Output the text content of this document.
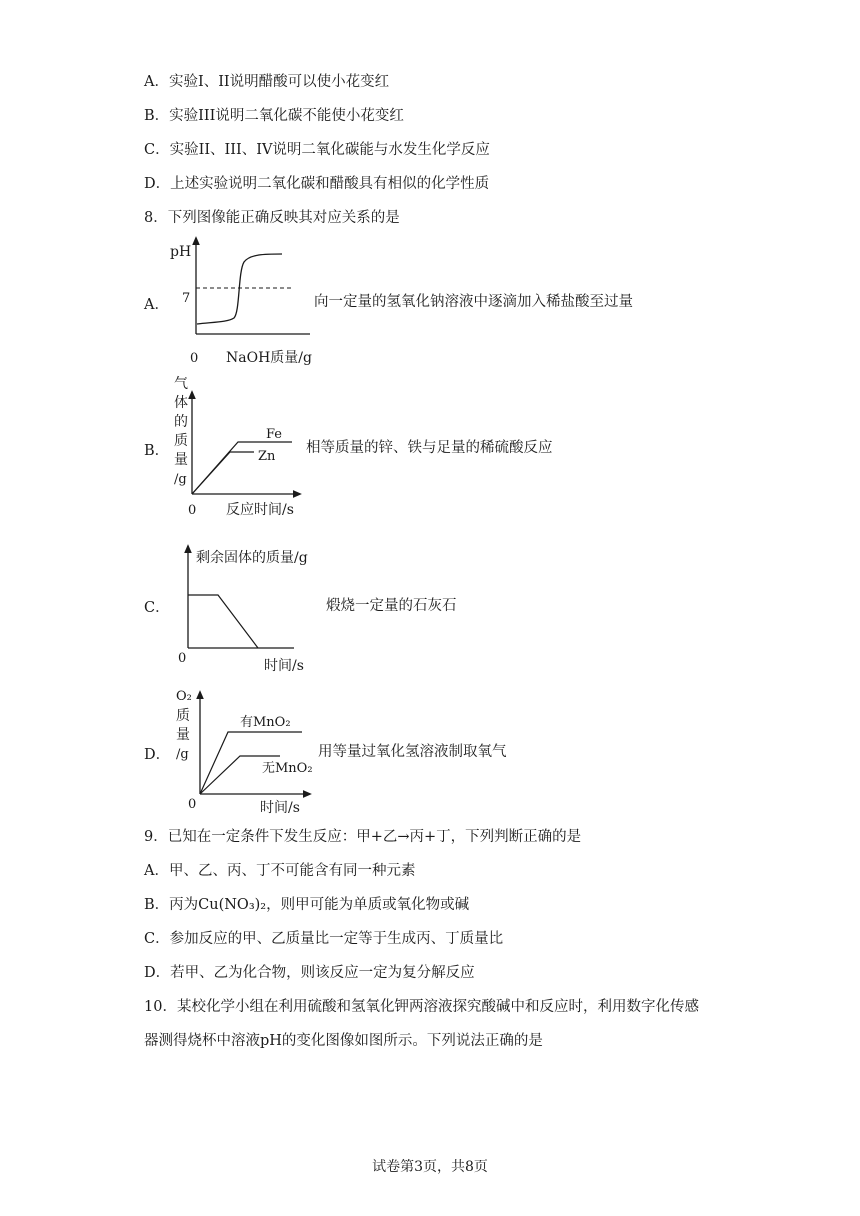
A．实验I、II说明醋酸可以使小花变红
B．实验III说明二氧化碳不能使小花变红
C．实验II、III、IV说明二氧化碳能与水发生化学反应
D．上述实验说明二氧化碳和醋酸具有相似的化学性质
8．下列图像能正确反映其对应关系的是
A．
pH
7
0 NaOH质量/g
向一定量的氢氧化钠溶液中逐滴加入稀盐酸至过量
B．
气
体
的
质
量
/g
Fe
Zn
0 反应时间/s
相等质量的锌、铁与足量的稀硫酸反应
C．
剩余固体的质量/g
0	时间/s
煅烧一定量的石灰石
D．
O₂
质
量
/g
有MnO₂
无MnO₂
0	时间/s
用等量过氧化氢溶液制取氧气
9．已知在一定条件下发生反应：甲+乙→丙+丁，下列判断正确的是
A．甲、乙、丙、丁不可能含有同一种元素
B．丙为Cu(NO₃)₂，则甲可能为单质或氧化物或碱
C．参加反应的甲、乙质量比一定等于生成丙、丁质量比
D．若甲、乙为化合物，则该反应一定为复分解反应
10．某校化学小组在利用硫酸和氢氧化钾两溶液探究酸碱中和反应时，利用数字化传感
器测得烧杯中溶液pH的变化图像如图所示。下列说法正确的是
试卷第3页，共8页
